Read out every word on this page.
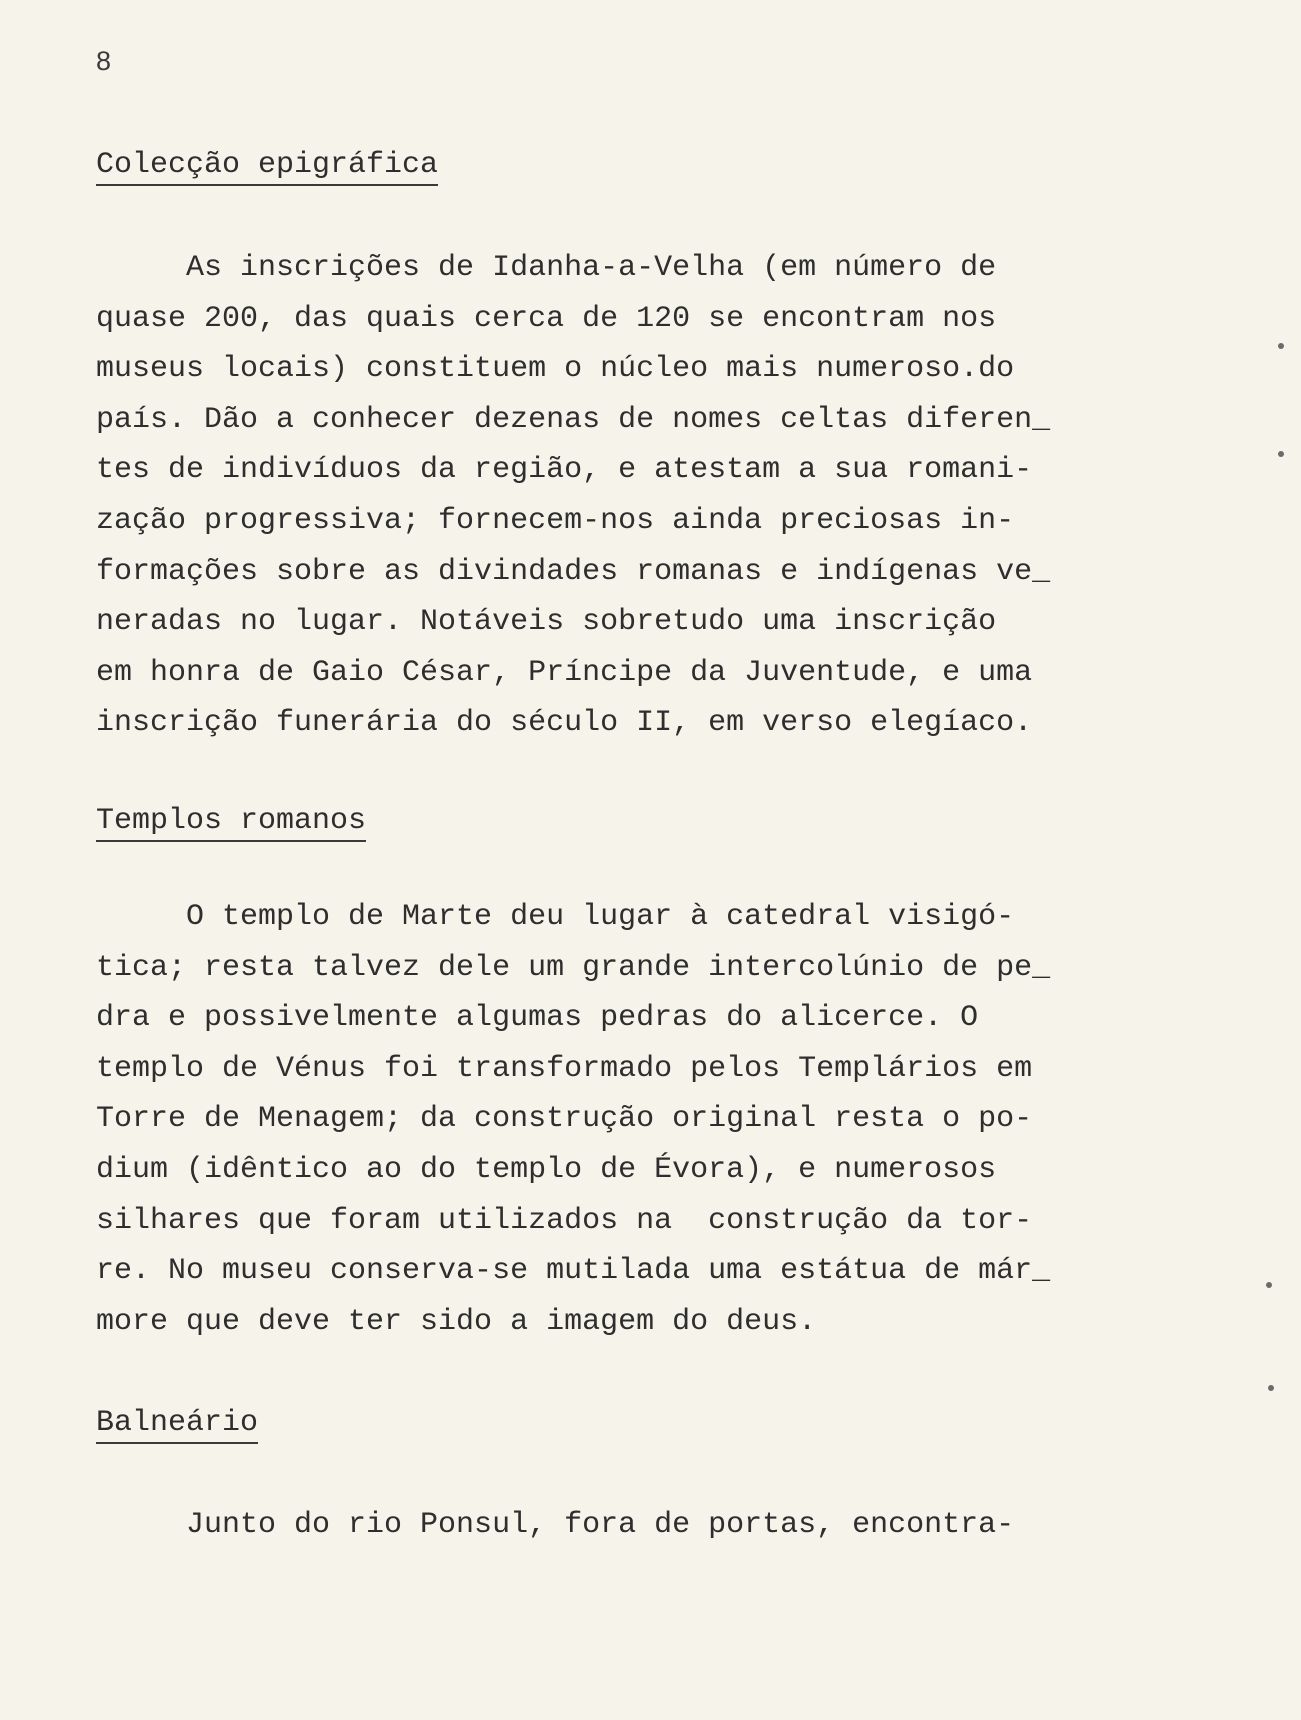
8
Colecção epigráfica
As inscrições de Idanha-a-Velha (em número de
quase 200, das quais cerca de 120 se encontram nos
museus locais) constituem o núcleo mais numeroso.do
país. Dão a conhecer dezenas de nomes celtas diferen_
tes de indivíduos da região, e atestam a sua romani-
zação progressiva; fornecem-nos ainda preciosas in-
formações sobre as divindades romanas e indígenas ve_
neradas no lugar. Notáveis sobretudo uma inscrição
em honra de Gaio César, Príncipe da Juventude, e uma
inscrição funerária do século II, em verso elegíaco.
Templos romanos
O templo de Marte deu lugar à catedral visigó-
tica; resta talvez dele um grande intercolúnio de pe_
dra e possivelmente algumas pedras do alicerce. O
templo de Vénus foi transformado pelos Templários em
Torre de Menagem; da construção original resta o po-
dium (idêntico ao do templo de Évora), e numerosos
silhares que foram utilizados na  construção da tor-
re. No museu conserva-se mutilada uma estátua de már_
more que deve ter sido a imagem do deus.
Balneário
Junto do rio Ponsul, fora de portas, encontra-
